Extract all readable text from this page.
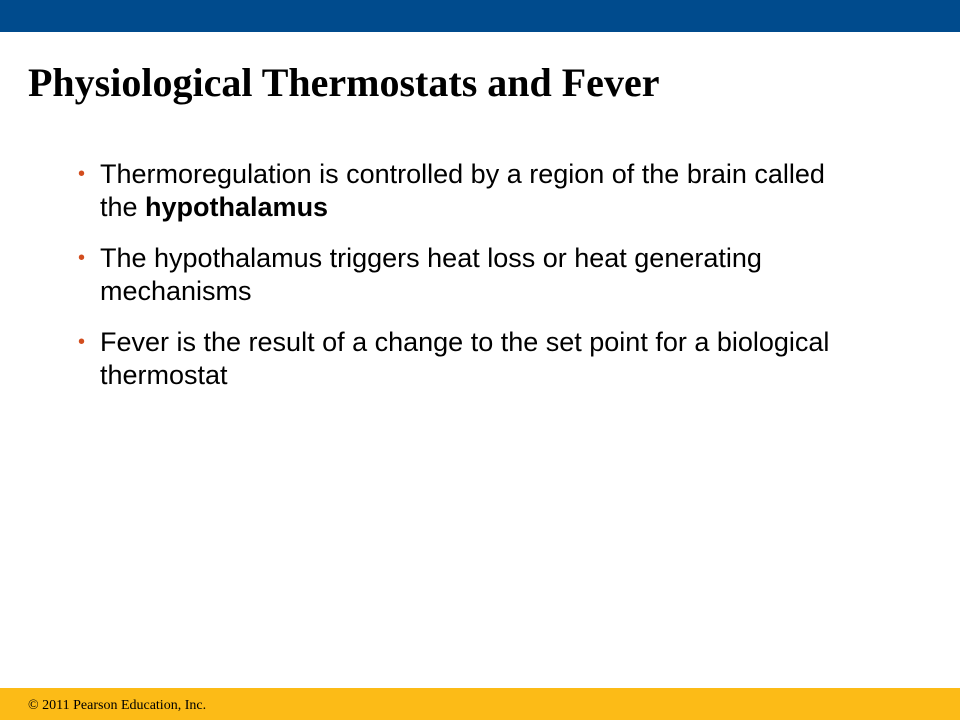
Physiological Thermostats and Fever
• Thermoregulation is controlled by a region of the brain called the hypothalamus
• The hypothalamus triggers heat loss or heat generating mechanisms
• Fever is the result of a change to the set point for a biological thermostat
© 2011 Pearson Education, Inc.
